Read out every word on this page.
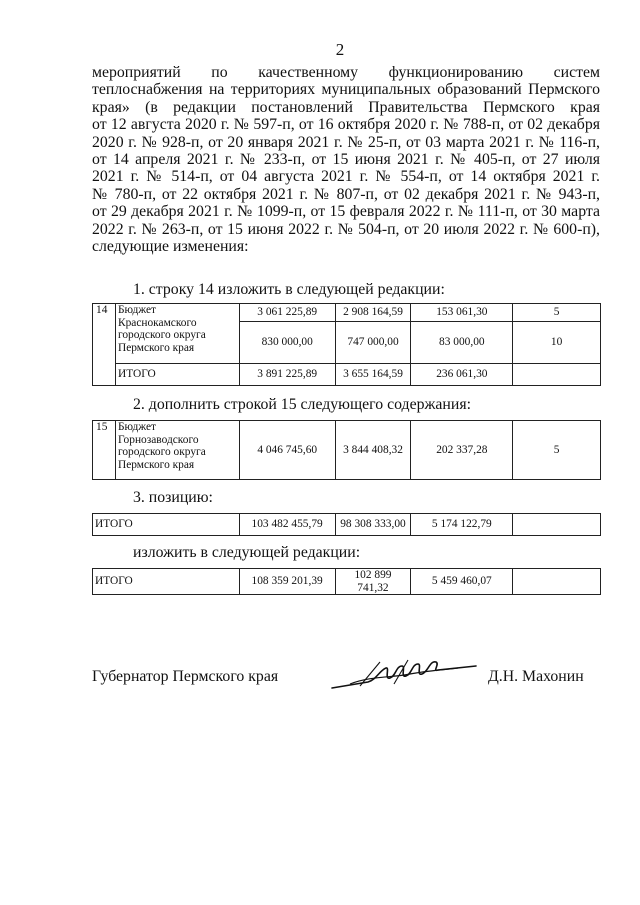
2
мероприятий по качественному функционированию систем
теплоснабжения на территориях муниципальных образований Пермского
края» (в редакции постановлений Правительства Пермского края
от 12 августа 2020 г. № 597-п, от 16 октября 2020 г. № 788-п, от 02 декабря
2020 г. № 928-п, от 20 января 2021 г. № 25-п, от 03 марта 2021 г. № 116-п,
от 14 апреля 2021 г. № 233-п, от 15 июня 2021 г. № 405-п, от 27 июля
2021 г. № 514-п, от 04 августа 2021 г. № 554-п, от 14 октября 2021 г.
№ 780-п, от 22 октября 2021 г. № 807-п, от 02 декабря 2021 г. № 943-п,
от 29 декабря 2021 г. № 1099-п, от 15 февраля 2022 г. № 111-п, от 30 марта
2022 г. № 263-п, от 15 июня 2022 г. № 504-п, от 20 июля 2022 г. № 600-п),
следующие изменения:
1. строку 14 изложить в следующей редакции:
14	Бюджет Краснокамского городского округа Пермского края	3 061 225,89	2 908 164,59	153 061,30	5
		830 000,00	747 000,00	83 000,00	10
	ИТОГО	3 891 225,89	3 655 164,59	236 061,30	
2. дополнить строкой 15 следующего содержания:
15	Бюджет Горнозаводского городского округа Пермского края	4 046 745,60	3 844 408,32	202 337,28	5
3. позицию:
ИТОГО	103 482 455,79	98 308 333,00	5 174 122,79	
изложить в следующей редакции:
ИТОГО	108 359 201,39	102 899 741,32	5 459 460,07	
Губернатор Пермского края	Д.Н. Махонин
